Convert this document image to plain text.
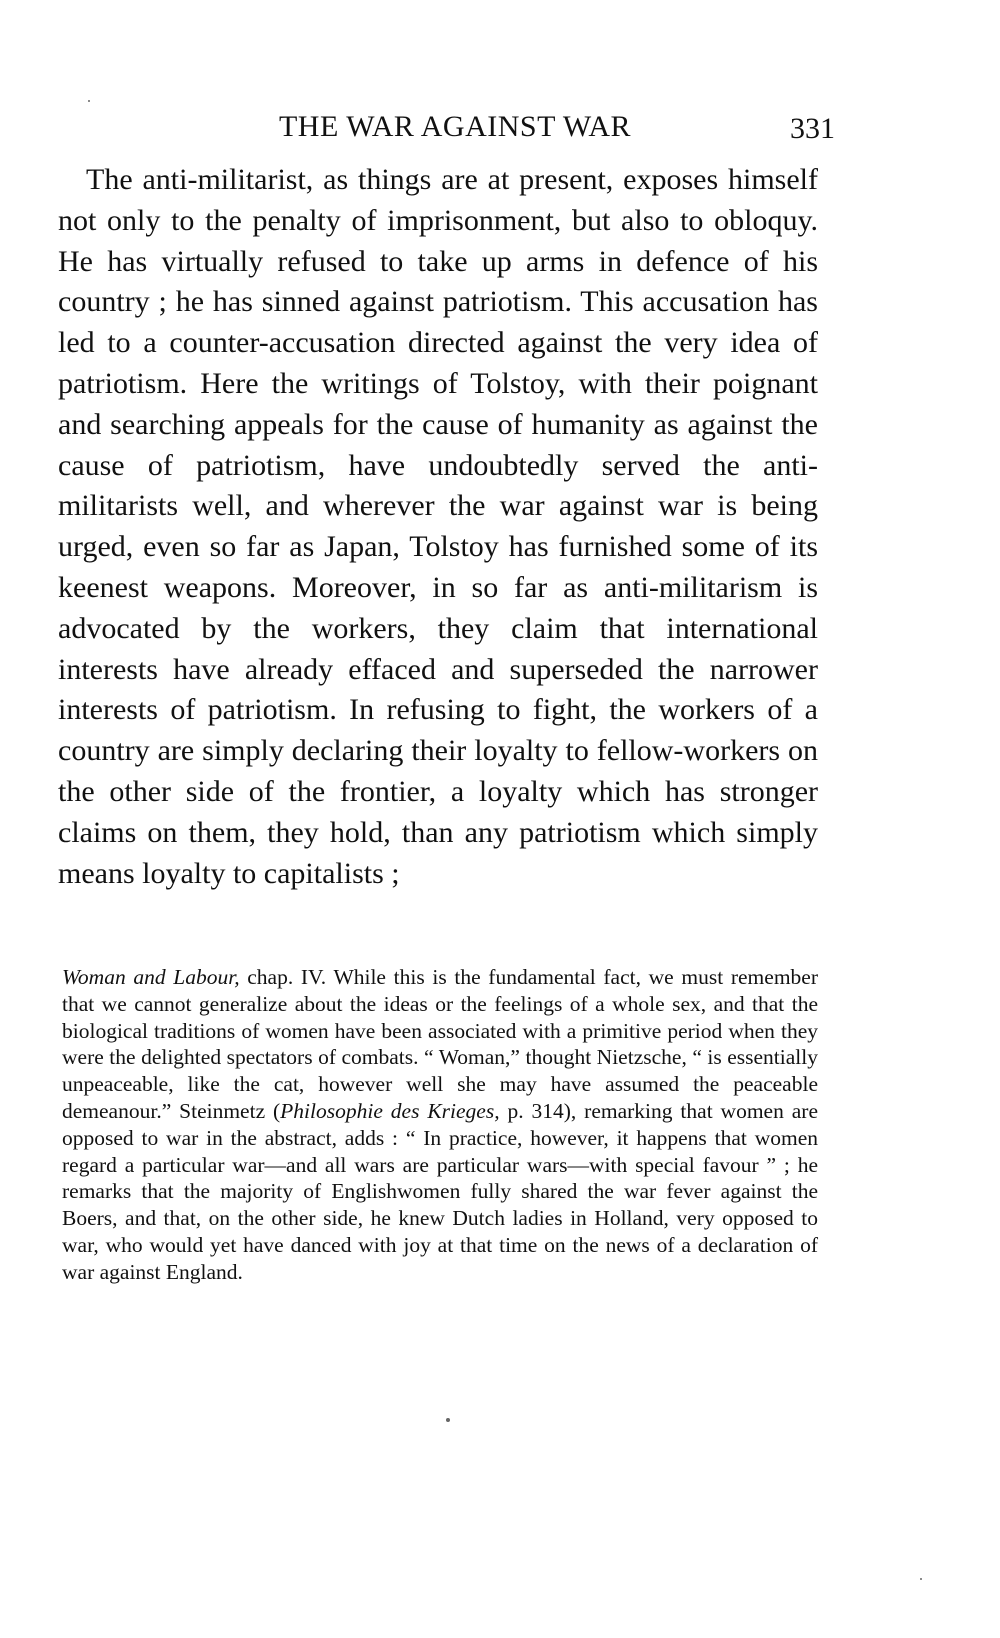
THE WAR AGAINST WAR	331
The anti-militarist, as things are at present, exposes himself not only to the penalty of imprisonment, but also to obloquy. He has virtually refused to take up arms in defence of his country ; he has sinned against patriotism. This accusation has led to a counter-accusation directed against the very idea of patriotism. Here the writings of Tolstoy, with their poignant and searching appeals for the cause of humanity as against the cause of patriotism, have undoubtedly served the anti-militarists well, and wherever the war against war is being urged, even so far as Japan, Tolstoy has furnished some of its keenest weapons. Moreover, in so far as anti-militarism is advocated by the workers, they claim that international interests have already effaced and superseded the narrower interests of patriotism. In refusing to fight, the workers of a country are simply declaring their loyalty to fellow-workers on the other side of the frontier, a loyalty which has stronger claims on them, they hold, than any patriotism which simply means loyalty to capitalists ;
Woman and Labour, chap. IV. While this is the fundamental fact, we must remember that we cannot generalize about the ideas or the feelings of a whole sex, and that the biological traditions of women have been associated with a primitive period when they were the delighted spectators of combats. “ Woman,” thought Nietzsche, “ is essentially unpeaceable, like the cat, however well she may have assumed the peaceable demeanour.” Steinmetz (Philosophie des Krieges, p. 314), remarking that women are opposed to war in the abstract, adds : “ In practice, however, it happens that women regard a particular war—and all wars are particular wars—with special favour ” ; he remarks that the majority of Englishwomen fully shared the war fever against the Boers, and that, on the other side, he knew Dutch ladies in Holland, very opposed to war, who would yet have danced with joy at that time on the news of a declaration of war against England.
